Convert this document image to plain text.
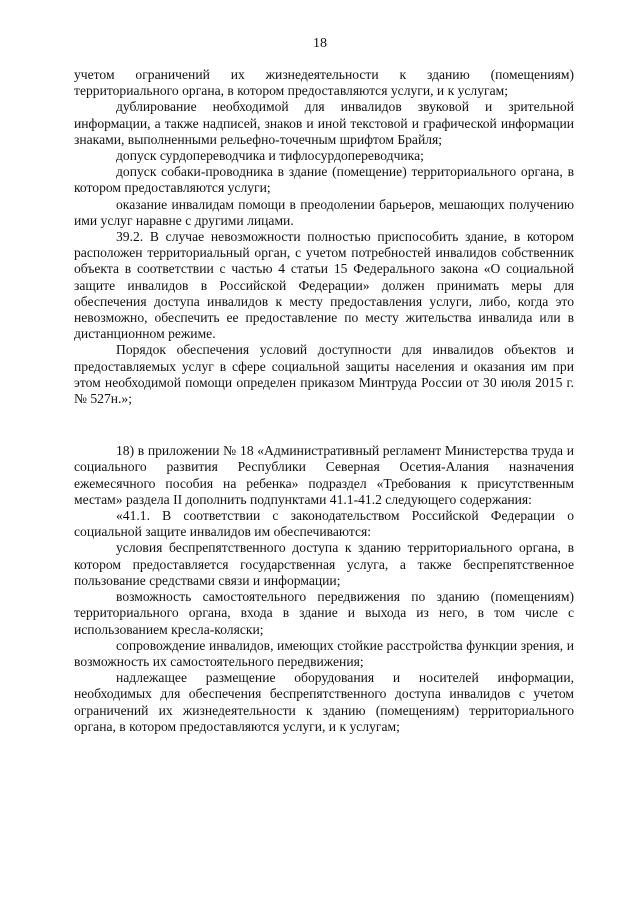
18

учетом ограничений их жизнедеятельности к зданию (помещениям) территориального органа, в котором предоставляются услуги, и к услугам;

дублирование необходимой для инвалидов звуковой и зрительной информации, а также надписей, знаков и иной текстовой и графической информации знаками, выполненными рельефно-точечным шрифтом Брайля;

допуск сурдопереводчика и тифлосурдопереводчика;

допуск собаки-проводника в здание (помещение) территориального органа, в котором предоставляются услуги;

оказание инвалидам помощи в преодолении барьеров, мешающих получению ими услуг наравне с другими лицами.

39.2. В случае невозможности полностью приспособить здание, в котором расположен территориальный орган, с учетом потребностей инвалидов собственник объекта в соответствии с частью 4 статьи 15 Федерального закона «О социальной защите инвалидов в Российской Федерации» должен принимать меры для обеспечения доступа инвалидов к месту предоставления услуги, либо, когда это невозможно, обеспечить ее предоставление по месту жительства инвалида или в дистанционном режиме.

Порядок обеспечения условий доступности для инвалидов объектов и предоставляемых услуг в сфере социальной защиты населения и оказания им при этом необходимой помощи определен приказом Минтруда России от 30 июля 2015 г. № 527н.»;

18) в приложении № 18 «Административный регламент Министерства труда и социального развития Республики Северная Осетия-Алания назначения ежемесячного пособия на ребенка» подраздел «Требования к присутственным местам» раздела II дополнить подпунктами 41.1-41.2 следующего содержания:

«41.1. В соответствии с законодательством Российской Федерации о социальной защите инвалидов им обеспечиваются:

условия беспрепятственного доступа к зданию территориального органа, в котором предоставляется государственная услуга, а также беспрепятственное пользование средствами связи и информации;

возможность самостоятельного передвижения по зданию (помещениям) территориального органа, входа в здание и выхода из него, в том числе с использованием кресла-коляски;

сопровождение инвалидов, имеющих стойкие расстройства функции зрения, и возможность их самостоятельного передвижения;

надлежащее размещение оборудования и носителей информации, необходимых для обеспечения беспрепятственного доступа инвалидов с учетом ограничений их жизнедеятельности к зданию (помещениям) территориального органа, в котором предоставляются услуги, и к услугам;
